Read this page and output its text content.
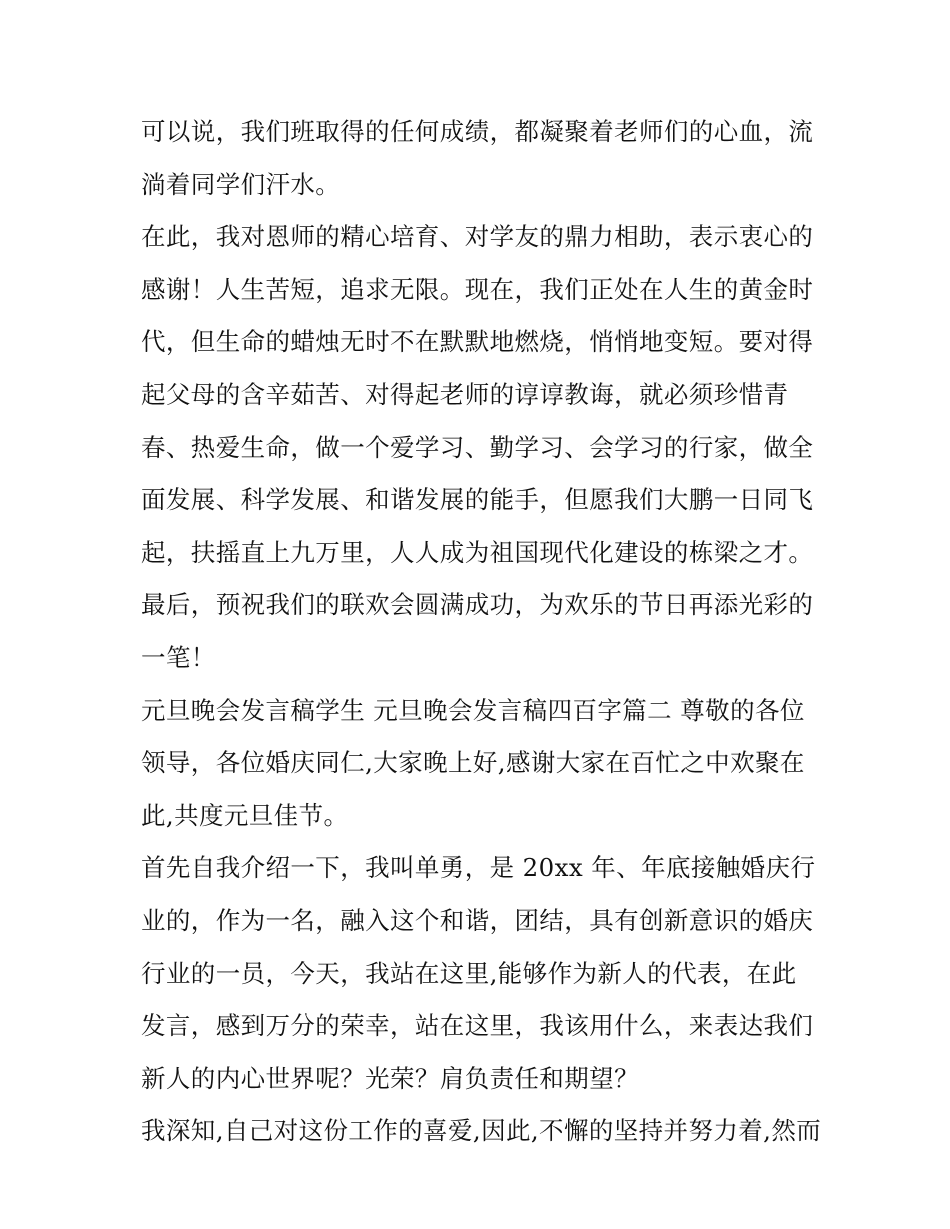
可以说，我们班取得的任何成绩，都凝聚着老师们的心血，流
淌着同学们汗水。
在此，我对恩师的精心培育、对学友的鼎力相助，表示衷心的
感谢！人生苦短，追求无限。现在，我们正处在人生的黄金时
代，但生命的蜡烛无时不在默默地燃烧，悄悄地变短。要对得
起父母的含辛茹苦、对得起老师的谆谆教诲，就必须珍惜青
春、热爱生命，做一个爱学习、勤学习、会学习的行家，做全
面发展、科学发展、和谐发展的能手，但愿我们大鹏一日同飞
起，扶摇直上九万里，人人成为祖国现代化建设的栋梁之才。
最后，预祝我们的联欢会圆满成功，为欢乐的节日再添光彩的
一笔！
元旦晚会发言稿学生 元旦晚会发言稿四百字篇二 尊敬的各位
领导，各位婚庆同仁,大家晚上好,感谢大家在百忙之中欢聚在
此,共度元旦佳节。
首先自我介绍一下，我叫单勇，是 20xx 年、年底接触婚庆行
业的，作为一名，融入这个和谐，团结，具有创新意识的婚庆
行业的一员，今天，我站在这里,能够作为新人的代表，在此
发言，感到万分的荣幸，站在这里，我该用什么，来表达我们
新人的内心世界呢？光荣？肩负责任和期望？
我深知,自己对这份工作的喜爱,因此,不懈的坚持并努力着,然而
